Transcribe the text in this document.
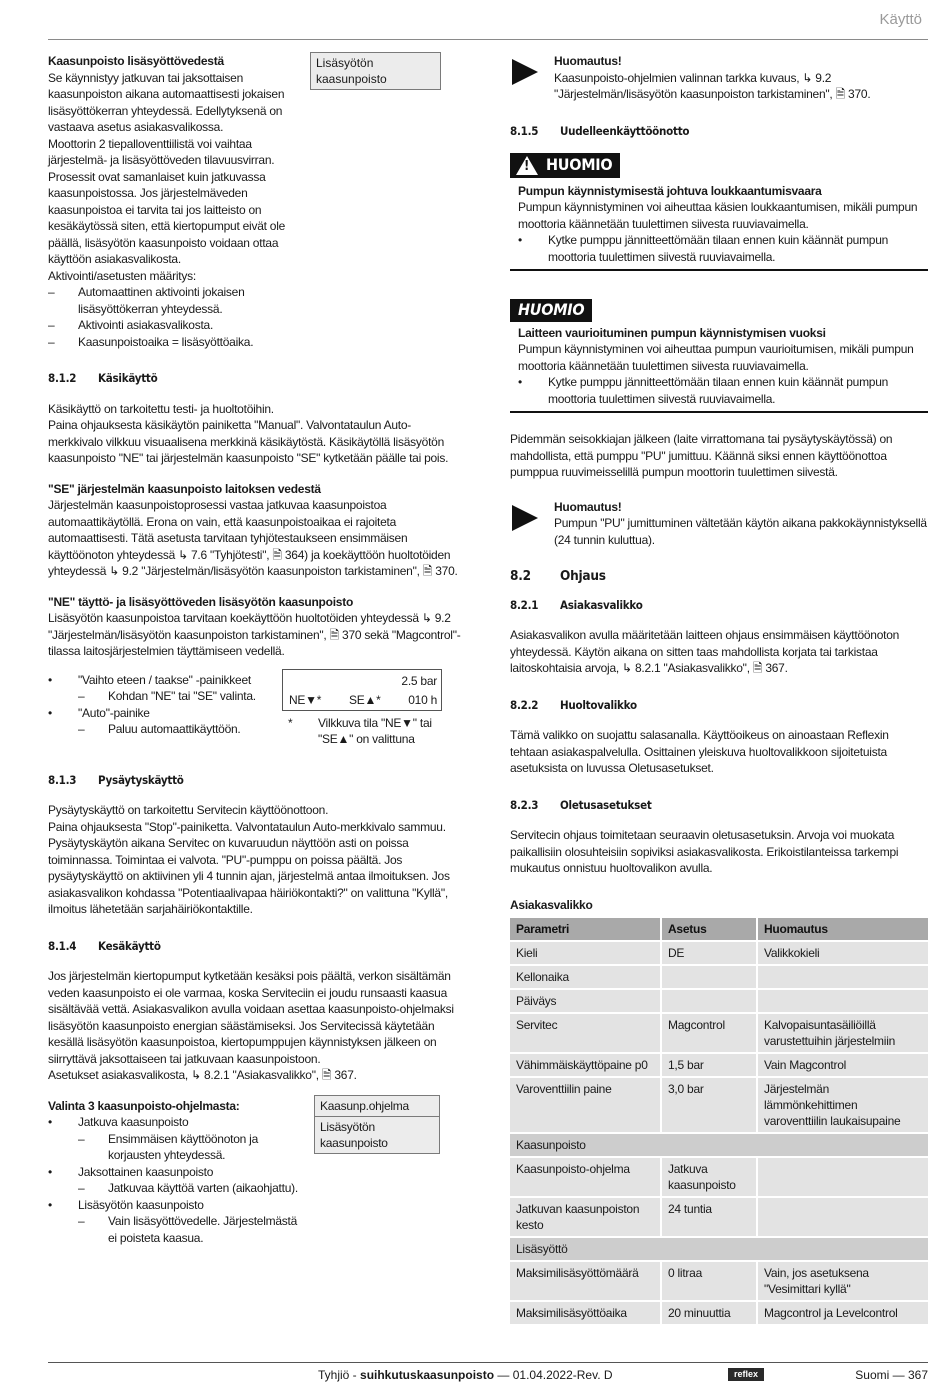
Käyttö

Kaasunpoisto lisäsyöttövedestä

Se käynnistyy jatkuvan tai jaksottaisen kaasunpoiston aikana automaattisesti jokaisen lisäsyöttökerran yhteydessä. Edellytyksenä on vastaava asetus asiakasvalikossa.

Moottorin 2 tiepalloventtiilistä voi vaihtaa järjestelmä- ja lisäsyöttöveden tilavuusvirran. Prosessit ovat samanlaiset kuin jatkuvassa kaasunpoistossa. Jos järjestelmäveden kaasunpoistoa ei tarvita tai jos laitteisto on kesäkäytössä siten, että kiertopumput eivät ole päällä, lisäsyötön kaasunpoisto voidaan ottaa käyttöön asiakasvalikosta.

Aktivointi/asetusten määritys:

– Automaattinen aktivointi jokaisen lisäsyöttökerran yhteydessä.
– Aktivointi asiakasvalikosta.
– Kaasunpoistoaika = lisäsyöttöaika.
8.1.2 Käsikäyttö

Käsikäyttö on tarkoitettu testi- ja huoltotöihin.

Paina ohjauksesta käsikäytön painiketta "Manual". Valvontataulun Auto-merkkivalo vilkkuu visuaalisena merkkinä käsikäytöstä. Käsikäytöllä lisäsyötön kaasunpoisto "NE" tai järjestelmän kaasunpoisto "SE" kytketään päälle tai pois.

"SE" järjestelmän kaasunpoisto laitoksen vedestä

Järjestelmän kaasunpoistoprosessi vastaa jatkuvaa kaasunpoistoa automaattikäytöllä. Erona on vain, että kaasunpoistoaikaa ei rajoiteta automaattisesti. Tätä asetusta tarvitaan tyhjötestaukseen ensimmäisen käyttöönoton yhteydessä ↳ 7.6 "Tyhjötesti", 🗎 364) ja koekäyttöön huoltotöiden yhteydessä ↳ 9.2 "Järjestelmän/lisäsyötön kaasunpoiston tarkistaminen", 🗎 370.

"NE" täyttö- ja lisäsyöttöveden lisäsyötön kaasunpoisto

Lisäsyötön kaasunpoistoa tarvitaan koekäyttöön huoltotöiden yhteydessä ↳ 9.2 "Järjestelmän/lisäsyötön kaasunpoiston tarkistaminen", 🗎 370 sekä "Magcontrol"-tilassa laitosjärjestelmien täyttämiseen vedellä.

• "Vaihto eteen / taakse" -painikkeet
– Kohdan "NE" tai "SE" valinta.
• "Auto"-painike
– Paluu automaattikäyttöön.
2.5 bar
NE▼* SE▲* 010 h
* Vilkkuva tila "NE▼" tai "SE▲" on valittuna
8.1.3 Pysäytyskäyttö

Pysäytyskäyttö on tarkoitettu Servitecin käyttöönottoon.

Paina ohjauksesta "Stop"-painiketta. Valvontataulun Auto-merkkivalo sammuu. Pysäytyskäytön aikana Servitec on kuvaruudun näyttöön asti on poissa toiminnassa. Toimintaa ei valvota. "PU"-pumppu on poissa päältä. Jos pysäytyskäyttö on aktiivinen yli 4 tunnin ajan, järjestelmä antaa ilmoituksen. Jos asiakasvalikon kohdassa "Potentiaalivapaa häiriökontakti?" on valittuna "Kyllä", ilmoitus lähetetään sarjahäiriökontaktille.

8.1.4 Kesäkäyttö

Jos järjestelmän kiertopumput kytketään kesäksi pois päältä, verkon sisältämän veden kaasunpoisto ei ole varmaa, koska Serviteciin ei joudu runsaasti kaasua sisältävää vettä. Asiakasvalikon avulla voidaan asettaa kaasunpoisto-ohjelmaksi lisäsyötön kaasunpoisto energian säästämiseksi. Jos Servitecissä käytetään kesällä lisäsyötön kaasunpoistoa, kiertopumppujen käynnistyksen jälkeen on siirryttävä jaksottaiseen tai jatkuvaan kaasunpoistoon.

Asetukset asiakasvalikosta, ↳ 8.2.1 "Asiakasvalikko", 🗎 367.

Valinta 3 kaasunpoisto-ohjelmasta:

• Jatkuva kaasunpoisto
– Ensimmäisen käyttöönoton ja korjausten yhteydessä.
• Jaksottainen kaasunpoisto
– Jatkuvaa käyttöä varten (aikaohjattu).
• Lisäsyötön kaasunpoisto
– Vain lisäsyöttövedelle. Järjestelmästä ei poisteta kaasua.

Kaasunp.ohjelma

Lisäsyötön kaasunpoisto

Lisäsyötön kaasunpoisto

Huomautus!

Kaasunpoisto-ohjelmien valinnan tarkka kuvaus, ↳ 9.2 "Järjestelmän/lisäsyötön kaasunpoiston tarkistaminen", 🗎 370.

8.1.5 Uudelleenkäyttöönotto
!
HUOMIO

Pumpun käynnistymisestä johtuva loukkaantumisvaara

Pumpun käynnistyminen voi aiheuttaa käsien loukkaantumisen, mikäli pumpun moottoria käännetään tuulettimen siivesta ruuviavaimella.

• Kytke pumppu jännitteettömään tilaan ennen kuin käännät pumpun moottoria tuulettimen siivestä ruuviavaimella.
HUOMIO

Laitteen vaurioituminen pumpun käynnistymisen vuoksi

Pumpun käynnistyminen voi aiheuttaa pumpun vaurioitumisen, mikäli pumpun moottoria käännetään tuulettimen siivesta ruuviavaimella.

• Kytke pumppu jännitteettömään tilaan ennen kuin käännät pumpun moottoria tuulettimen siivestä ruuviavaimella.

Pidemmän seisokkiajan jälkeen (laite virrattomana tai pysäytyskäytössä) on mahdollista, että pumppu "PU" jumittuu. Käännä siksi ennen käyttöönottoa pumppua ruuvimeisselillä pumpun moottorin tuulettimen siivestä.

Huomautus!

Pumpun "PU" jumittuminen vältetään käytön aikana pakkokäynnistyksellä (24 tunnin kuluttua).

8.2 Ohjaus
8.2.1 Asiakasvalikko

Asiakasvalikon avulla määritetään laitteen ohjaus ensimmäisen käyttöönoton yhteydessä. Käytön aikana on sitten taas mahdollista korjata tai tarkistaa laitoskohtaisia arvoja, ↳ 8.2.1 "Asiakasvalikko", 🗎 367.

8.2.2 Huoltovalikko

Tämä valikko on suojattu salasanalla. Käyttöoikeus on ainoastaan Reflexin tehtaan asiakaspalvelulla. Osittainen yleiskuva huoltovalikkoon sijoitetuista asetuksista on luvussa Oletusasetukset.

8.2.3 Oletusasetukset

Servitecin ohjaus toimitetaan seuraavin oletusasetuksin. Arvoja voi muokata paikallisiin olosuhteisiin sopiviksi asiakasvalikosta. Erikoistilanteissa tarkempi mukautus onnistuu huoltovalikon avulla.

Asiakasvalikko

Parametri	Asetus	Huomautus
Kieli	DE	Valikkokieli
Kellonaika		
Päiväys		
Servitec	Magcontrol	Kalvopaisuntasäiliöillä varustettuihin järjestelmiin
Vähimmäiskäyttöpaine p0	1,5 bar	Vain Magcontrol
Varoventtiilin paine	3,0 bar	Järjestelmän lämmönkehittimen varoventtiilin laukaisupaine
Kaasunpoisto		
Kaasunpoisto-ohjelma	Jatkuva kaasunpoisto	
Jatkuvan kaasunpoiston kesto	24 tuntia	
Lisäsyöttö		
Maksimilisäsyöttömäärä	0 litraa	Vain, jos asetuksena "Vesimittari kyllä"
Maksimilisäsyöttöaika	20 minuuttia	Magcontrol ja Levelcontrol
Tyhjiö - suihkutuskaasunpoisto — 01.04.2022-Rev. D	reflex	Suomi — 367
